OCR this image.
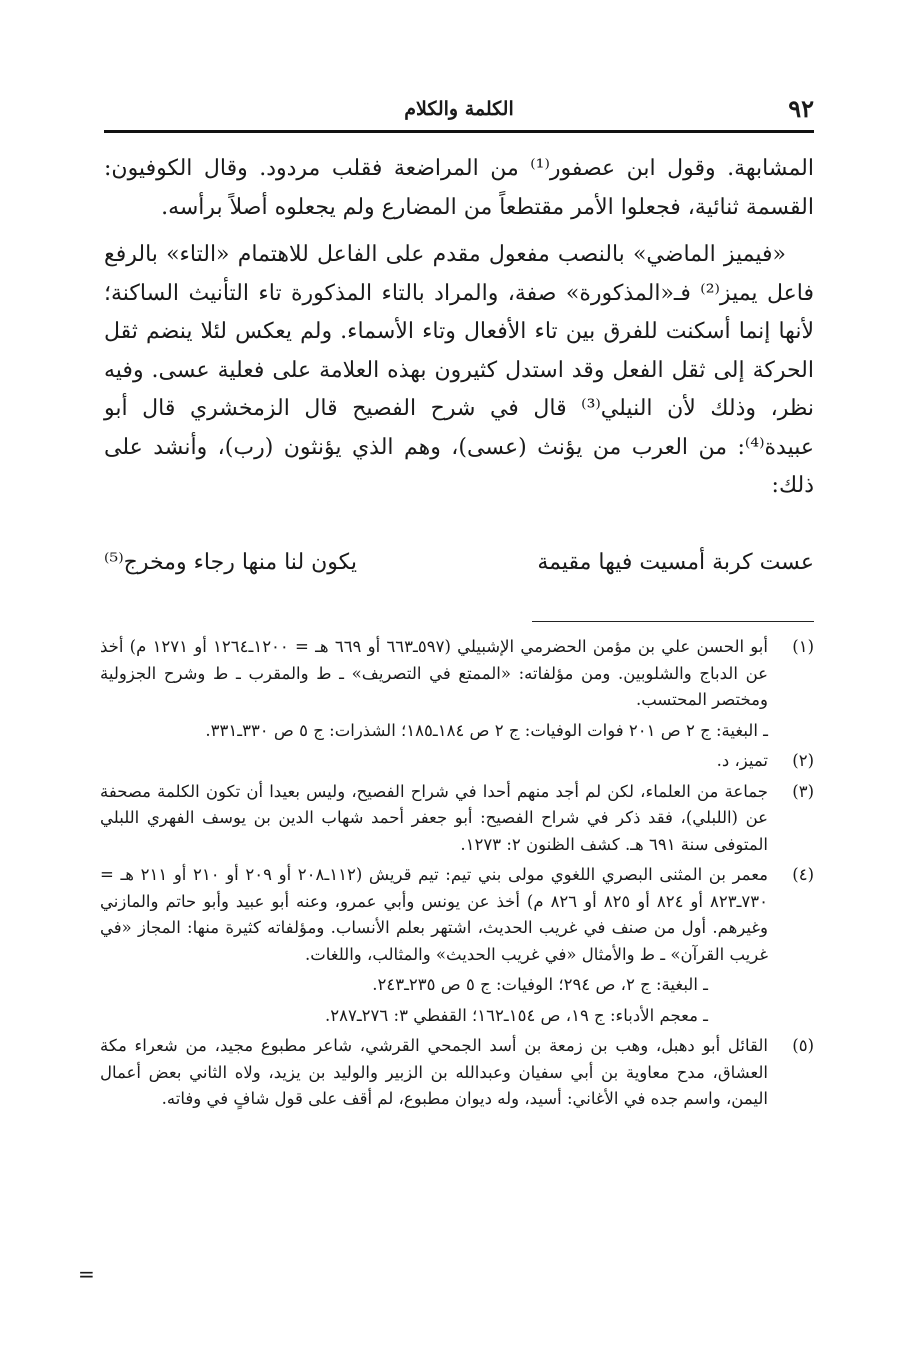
٩٢
الكلمة والكلام

المشابهة. وقول ابن عصفور⁽¹⁾ من المراضعة فقلب مردود. وقال الكوفيون: القسمة ثنائية، فجعلوا الأمر مقتطعاً من المضارع ولم يجعلوه أصلاً برأسه.

«فيميز الماضي» بالنصب مفعول مقدم على الفاعل للاهتمام «التاء» بالرفع فاعل يميز⁽²⁾ فـ«المذكورة» صفة، والمراد بالتاء المذكورة تاء التأنيث الساكنة؛ لأنها إنما أسكنت للفرق بين تاء الأفعال وتاء الأسماء. ولم يعكس لئلا ينضم ثقل الحركة إلى ثقل الفعل وقد استدل كثيرون بهذه العلامة على فعلية عسى. وفيه نظر، وذلك لأن النيلي⁽³⁾ قال في شرح الفصيح قال الزمخشري قال أبو عبيدة⁽⁴⁾: من العرب من يؤنث (عسى)، وهم الذي يؤنثون (رب)، وأنشد على ذلك:

عست كربة أمسيت فيها مقيمة
يكون لنا منها رجاء ومخرج⁽⁵⁾
(١)
أبو الحسن علي بن مؤمن الحضرمي الإشبيلي (٥٩٧ـ٦٦٣ أو ٦٦٩ هـ = ١٢٠٠ـ١٢٦٤ أو ١٢٧١ م) أخذ عن الدباج والشلوبين. ومن مؤلفاته: «الممتع في التصريف» ـ ط والمقرب ـ ط وشرح الجزولية ومختصر المحتسب.
ـ البغية: ج ٢ ص ٢٠١ فوات الوفيات: ج ٢ ص ١٨٤ـ١٨٥؛ الشذرات: ج ٥ ص ٣٣٠ـ٣٣١.
(٢)
تميز، د.
(٣)
جماعة من العلماء، لكن لم أجد منهم أحدا في شراح الفصيح، وليس بعيدا أن تكون الكلمة مصحفة عن (اللبلي)، فقد ذكر في شراح الفصيح: أبو جعفر أحمد شهاب الدين بن يوسف الفهري اللبلي المتوفى سنة ٦٩١ هـ. كشف الظنون ٢: ١٢٧٣.
(٤)
معمر بن المثنى البصري اللغوي مولى بني تيم: تيم قريش (١١٢ـ٢٠٨ أو ٢٠٩ أو ٢١٠ أو ٢١١ هـ = ٧٣٠ـ٨٢٣ أو ٨٢٤ أو ٨٢٥ أو ٨٢٦ م) أخذ عن يونس وأبي عمرو، وعنه أبو عبيد وأبو حاتم والمازني وغيرهم. أول من صنف في غريب الحديث، اشتهر بعلم الأنساب. ومؤلفاته كثيرة منها: المجاز «في غريب القرآن» ـ ط والأمثال «في غريب الحديث» والمثالب، واللغات.
ـ البغية: ج ٢، ص ٢٩٤؛ الوفيات: ج ٥ ص ٢٣٥ـ٢٤٣.
ـ معجم الأدباء: ج ١٩، ص ١٥٤ـ١٦٢؛ القفطي ٣: ٢٧٦ـ٢٨٧.
(٥)
القائل أبو دهبل، وهب بن زمعة بن أسد الجمحي القرشي، شاعر مطبوع مجيد، من شعراء مكة العشاق، مدح معاوية بن أبي سفيان وعبدالله بن الزبير والوليد بن يزيد، ولاه الثاني بعض أعمال اليمن، واسم جده في الأغاني: أسيد، وله ديوان مطبوع، لم أقف على قول شافٍ في وفاته.
=
